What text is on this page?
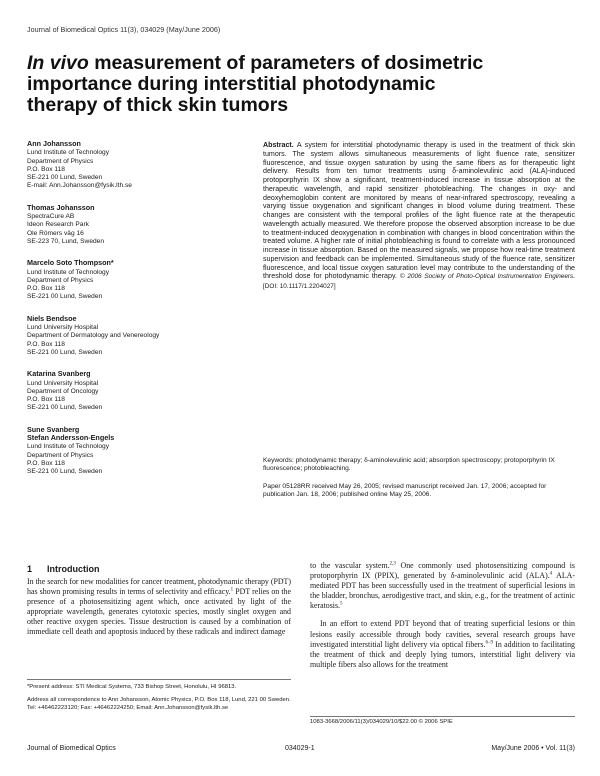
Journal of Biomedical Optics 11(3), 034029 (May/June 2006)
In vivo measurement of parameters of dosimetric importance during interstitial photodynamic therapy of thick skin tumors
Ann Johansson
Lund Institute of Technology
Department of Physics
P.O. Box 118
SE-221 00 Lund, Sweden
E-mail: Ann.Johansson@fysik.lth.se
Thomas Johansson
SpectraCure AB
Ideon Research Park
Ole Römers väg 16
SE-223 70, Lund, Sweden
Marcelo Soto Thompson*
Lund Institute of Technology
Department of Physics
P.O. Box 118
SE-221 00 Lund, Sweden
Niels Bendsoe
Lund University Hospital
Department of Dermatology and Venereology
P.O. Box 118
SE-221 00 Lund, Sweden
Katarina Svanberg
Lund University Hospital
Department of Oncology
P.O. Box 118
SE-221 00 Lund, Sweden
Sune Svanberg
Stefan Andersson-Engels
Lund Institute of Technology
Department of Physics
P.O. Box 118
SE-221 00 Lund, Sweden
Abstract. A system for interstitial photodynamic therapy is used in the treatment of thick skin tumors. The system allows simultaneous measurements of light fluence rate, sensitizer fluorescence, and tissue oxygen saturation by using the same fibers as for therapeutic light delivery. Results from ten tumor treatments using δ-aminolevulinic acid (ALA)-induced protoporphyrin IX show a significant, treatment-induced increase in tissue absorption at the therapeutic wavelength, and rapid sensitizer photobleaching. The changes in oxy- and deoxyhemoglobin content are monitored by means of near-infrared spectroscopy, revealing a varying tissue oxygenation and significant changes in blood volume during treatment. These changes are consistent with the temporal profiles of the light fluence rate at the therapeutic wavelength actually measured. We therefore propose the observed absorption increase to be due to treatment-induced deoxygenation in combination with changes in blood concentration within the treated volume. A higher rate of initial photobleaching is found to correlate with a less pronounced increase in tissue absorption. Based on the measured signals, we propose how real-time treatment supervision and feedback can be implemented. Simultaneous study of the fluence rate, sensitizer fluorescence, and local tissue oxygen saturation level may contribute to the understanding of the threshold dose for photodynamic therapy. © 2006 Society of Photo-Optical Instrumentation Engineers. [DOI: 10.1117/1.2204027]
Keywords: photodynamic therapy; δ-aminolevulinic acid; absorption spectroscopy; protoporphyrin IX fluorescence; photobleaching.
Paper 05128RR received May 26, 2005; revised manuscript received Jan. 17, 2006; accepted for publication Jan. 18, 2006; published online May 25, 2006.
1 Introduction

In the search for new modalities for cancer treatment, photodynamic therapy (PDT) has shown promising results in terms of selectivity and efficacy.$^1$ PDT relies on the presence of a photosensitizing agent which, once activated by light of the appropriate wavelength, generates cytotoxic species, mostly singlet oxygen and other reactive oxygen species. Tissue destruction is caused by a combination of immediate cell death and apoptosis induced by these radicals and indirect damage

to the vascular system.$^{2,3}$ One commonly used photosensitizing compound is protoporphyrin IX (PPIX), generated by δ-aminolevulinic acid (ALA).$^4$ ALA-mediated PDT has been successfully used in the treatment of superficial lesions in the bladder, bronchus, aerodigestive tract, and skin, e.g., for the treatment of actinic keratosis.$^5$

In an effort to extend PDT beyond that of treating superficial lesions or thin lesions easily accessible through body cavities, several research groups have investigated interstitial light delivery via optical fibers.$^{6-9}$ In addition to facilitating the treatment of thick and deeply lying tumors, interstitial light delivery via multiple fibers also allows for the treatment

*Present address: STI Medical Systems, 733 Bishop Street, Honolulu, HI 96813.
Address all correspondence to Ann Johansson, Atomic Physics, P.O. Box 118, Lund, 221 00 Sweden. Tel: +46462223120; Fax: +46462224250; Email: Ann.Johansson@fysik.lth.se
1083-3668/2006/11(3)/034029/10/$22.00 © 2006 SPIE
Journal of Biomedical Optics	034029-1	May/June 2006 • Vol. 11(3)
